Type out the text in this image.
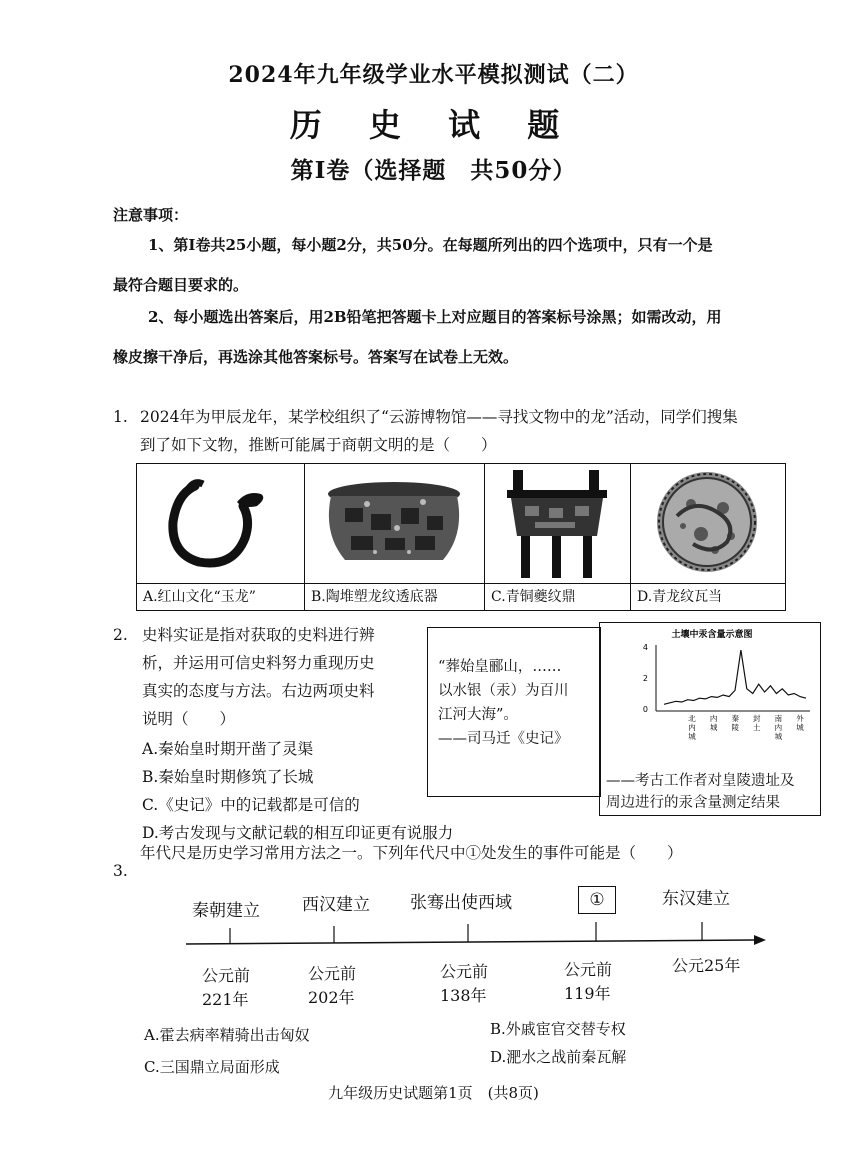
2024年九年级学业水平模拟测试（二）
历 史 试 题
第Ⅰ卷（选择题　共50分）
注意事项：
1、第Ⅰ卷共25小题，每小题2分，共50分。在每题所列出的四个选项中，只有一个是
最符合题目要求的。
2、每小题选出答案后，用2B铅笔把答题卡上对应题目的答案标号涂黑；如需改动，用
橡皮擦干净后，再选涂其他答案标号。答案写在试卷上无效。
1. 2024年为甲辰龙年，某学校组织了“云游博物馆——寻找文物中的龙”活动，同学们搜集
到了如下文物，推断可能属于商朝文明的是（　　）
A.红山文化“玉龙”	B.陶堆塑龙纹透底器	C.青铜夔纹鼎	D.青龙纹瓦当
2. 史料实证是指对获取的史料进行辨
析，并运用可信史料努力重现历史
真实的态度与方法。右边两项史料
说明（　　）
A.秦始皇时期开凿了灵渠
B.秦始皇时期修筑了长城
C.《史记》中的记载都是可信的
D.考古发现与文献记载的相互印证更有说服力
“葬始皇郦山，……
以水银（汞）为百川
江河大海”。
——司马迁《史记》
土壤中汞含量示意图
4
2
0
北内城
内城
秦陵
封土
南内城
外城
——考古工作者对皇陵遗址及
周边进行的汞含量测定结果
3.
年代尺是历史学习常用方法之一。下列年代尺中①处发生的事件可能是（　　）
秦朝建立 西汉建立 张骞出使西域	①	东汉建立
公元前
221年
公元前
202年
公元前
138年
公元前
119年
公元25年
A.霍去病率精骑出击匈奴	B.外戚宦官交替专权
C.三国鼎立局面形成
D.淝水之战前秦瓦解
九年级历史试题第1页　(共8页)
